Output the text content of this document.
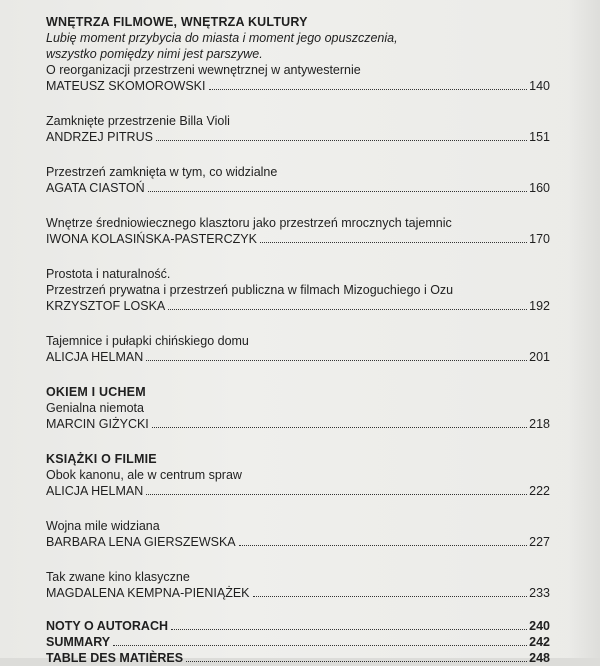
WNĘTRZA FILMOWE, WNĘTRZA KULTURY
Lubię moment przybycia do miasta i moment jego opuszczenia,
wszystko pomiędzy nimi jest parszywe.
O reorganizacji przestrzeni wewnętrznej w antywesternie
MATEUSZ SKOMOROWSKI	140
Zamknięte przestrzenie Billa Violi
ANDRZEJ PITRUS	151
Przestrzeń zamknięta w tym, co widzialne
AGATA CIASTOŃ	160
Wnętrze średniowiecznego klasztoru jako przestrzeń mrocznych tajemnic
IWONA KOLASIŃSKA-PASTERCZYK	170
Prostota i naturalność.
Przestrzeń prywatna i przestrzeń publiczna w filmach Mizoguchiego i Ozu
KRZYSZTOF LOSKA	192
Tajemnice i pułapki chińskiego domu
ALICJA HELMAN	201
OKIEM I UCHEM
Genialna niemota
MARCIN GIŻYCKI	218
KSIĄŻKI O FILMIE
Obok kanonu, ale w centrum spraw
ALICJA HELMAN	222
Wojna mile widziana
BARBARA LENA GIERSZEWSKA	227
Tak zwane kino klasyczne
MAGDALENA KEMPNA-PIENIĄŻEK	233
NOTY O AUTORACH	240
SUMMARY	242
TABLE DES MATIÈRES	248
